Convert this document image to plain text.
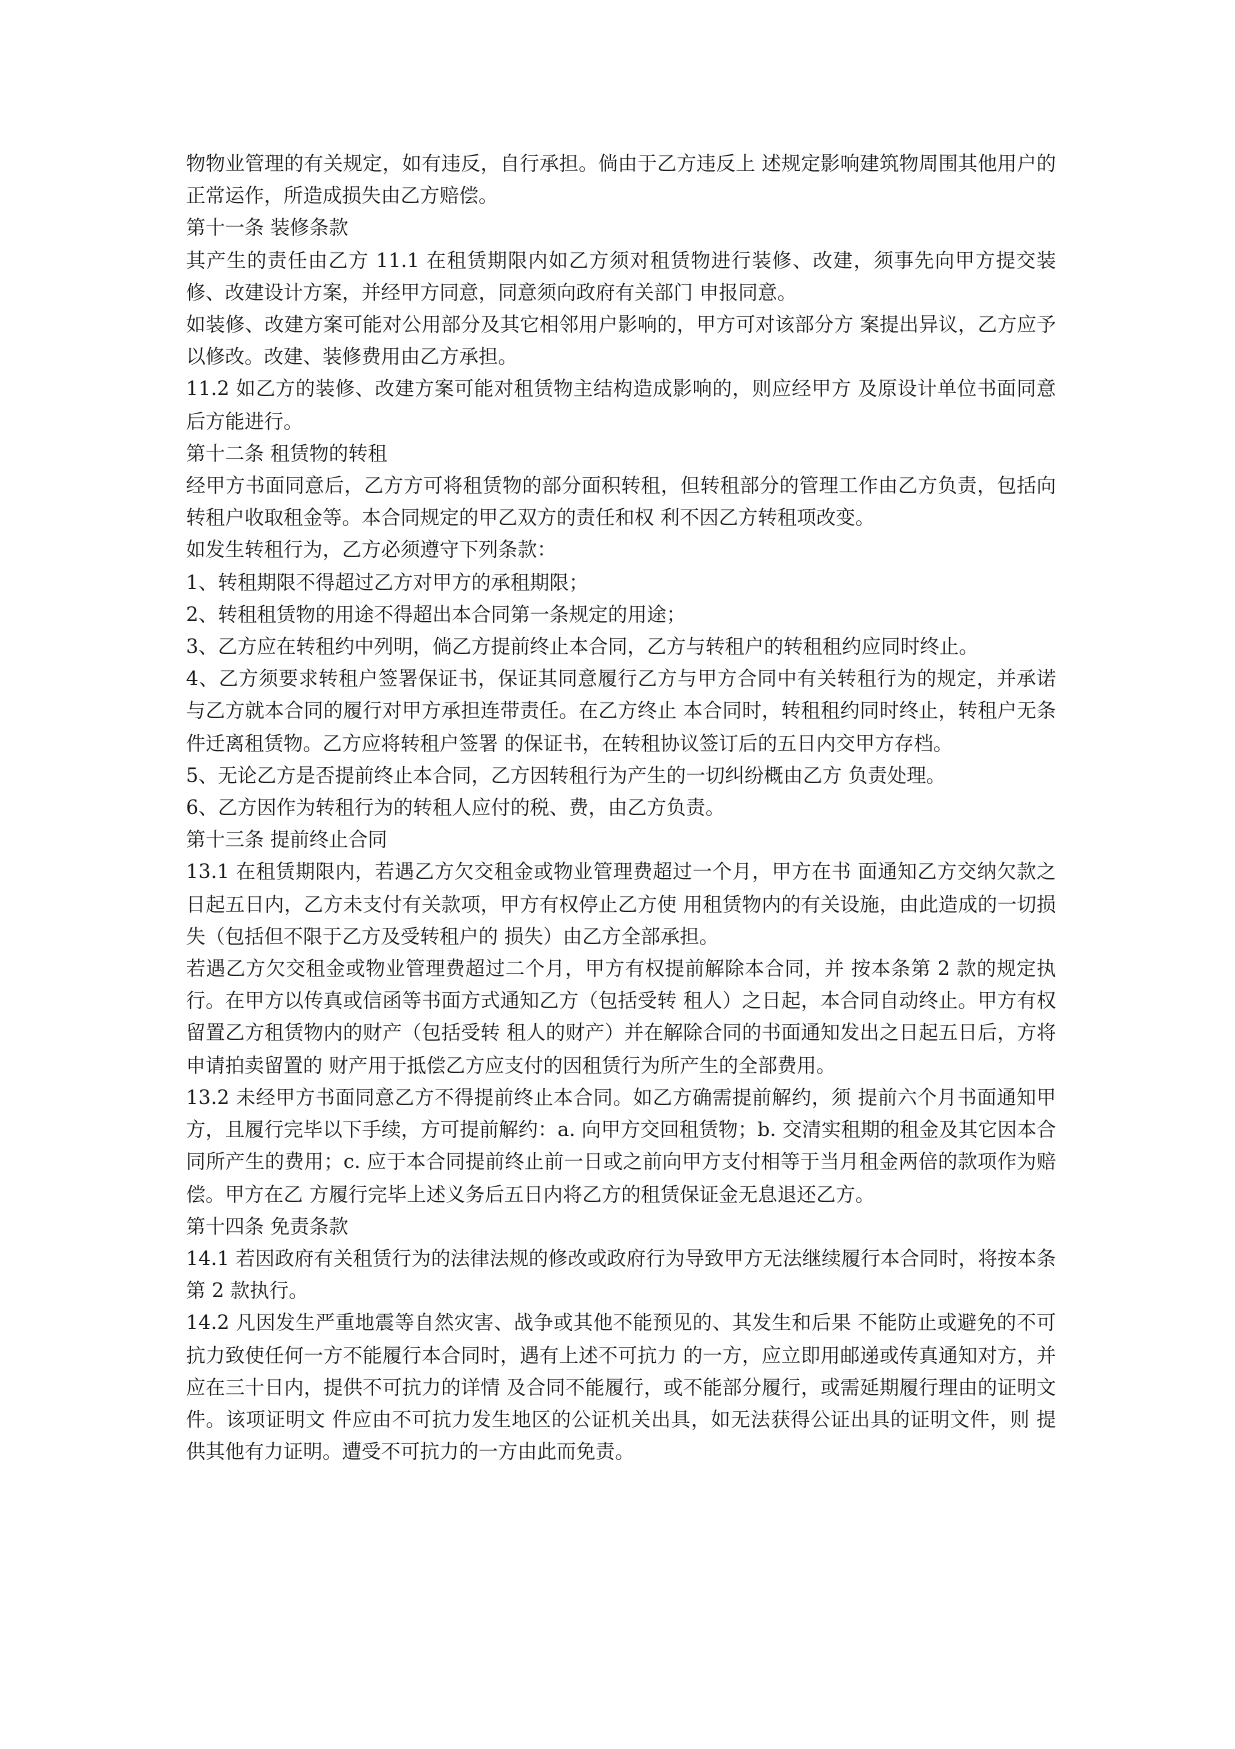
物物业管理的有关规定，如有违反，自行承担。倘由于乙方违反上 述规定影响建筑物周围其他用户的正常运作，所造成损失由乙方赔偿。

第十一条 装修条款

其产生的责任由乙方 11.1 在租赁期限内如乙方须对租赁物进行装修、改建，须事先向甲方提交装修、改建设计方案，并经甲方同意，同意须向政府有关部门 申报同意。

如装修、改建方案可能对公用部分及其它相邻用户影响的，甲方可对该部分方 案提出异议，乙方应予以修改。改建、装修费用由乙方承担。

11.2 如乙方的装修、改建方案可能对租赁物主结构造成影响的，则应经甲方 及原设计单位书面同意后方能进行。

第十二条 租赁物的转租

经甲方书面同意后，乙方方可将租赁物的部分面积转租，但转租部分的管理工作由乙方负责，包括向转租户收取租金等。本合同规定的甲乙双方的责任和权 利不因乙方转租项改变。

如发生转租行为，乙方必须遵守下列条款：

1、转租期限不得超过乙方对甲方的承租期限；

2、转租租赁物的用途不得超出本合同第一条规定的用途；

3、乙方应在转租约中列明，倘乙方提前终止本合同，乙方与转租户的转租租约应同时终止。

4、乙方须要求转租户签署保证书，保证其同意履行乙方与甲方合同中有关转租行为的规定，并承诺与乙方就本合同的履行对甲方承担连带责任。在乙方终止 本合同时，转租租约同时终止，转租户无条件迁离租赁物。乙方应将转租户签署 的保证书，在转租协议签订后的五日内交甲方存档。

5、无论乙方是否提前终止本合同，乙方因转租行为产生的一切纠纷概由乙方 负责处理。

6、乙方因作为转租行为的转租人应付的税、费，由乙方负责。

第十三条 提前终止合同

13.1 在租赁期限内，若遇乙方欠交租金或物业管理费超过一个月，甲方在书 面通知乙方交纳欠款之日起五日内，乙方未支付有关款项，甲方有权停止乙方使 用租赁物内的有关设施，由此造成的一切损失（包括但不限于乙方及受转租户的 损失）由乙方全部承担。

若遇乙方欠交租金或物业管理费超过二个月，甲方有权提前解除本合同，并 按本条第 2 款的规定执行。在甲方以传真或信函等书面方式通知乙方（包括受转 租人）之日起，本合同自动终止。甲方有权留置乙方租赁物内的财产（包括受转 租人的财产）并在解除合同的书面通知发出之日起五日后，方将申请拍卖留置的 财产用于抵偿乙方应支付的因租赁行为所产生的全部费用。

13.2 未经甲方书面同意乙方不得提前终止本合同。如乙方确需提前解约，须 提前六个月书面通知甲方，且履行完毕以下手续，方可提前解约：a. 向甲方交回租赁物；b. 交清实租期的租金及其它因本合同所产生的费用；c. 应于本合同提前终止前一日或之前向甲方支付相等于当月租金两倍的款项作为赔偿。甲方在乙 方履行完毕上述义务后五日内将乙方的租赁保证金无息退还乙方。

第十四条 免责条款

14.1 若因政府有关租赁行为的法律法规的修改或政府行为导致甲方无法继续履行本合同时，将按本条第 2 款执行。

14.2 凡因发生严重地震等自然灾害、战争或其他不能预见的、其发生和后果 不能防止或避免的不可抗力致使任何一方不能履行本合同时，遇有上述不可抗力 的一方，应立即用邮递或传真通知对方，并应在三十日内，提供不可抗力的详情 及合同不能履行，或不能部分履行，或需延期履行理由的证明文件。该项证明文 件应由不可抗力发生地区的公证机关出具，如无法获得公证出具的证明文件，则 提供其他有力证明。遭受不可抗力的一方由此而免责。
